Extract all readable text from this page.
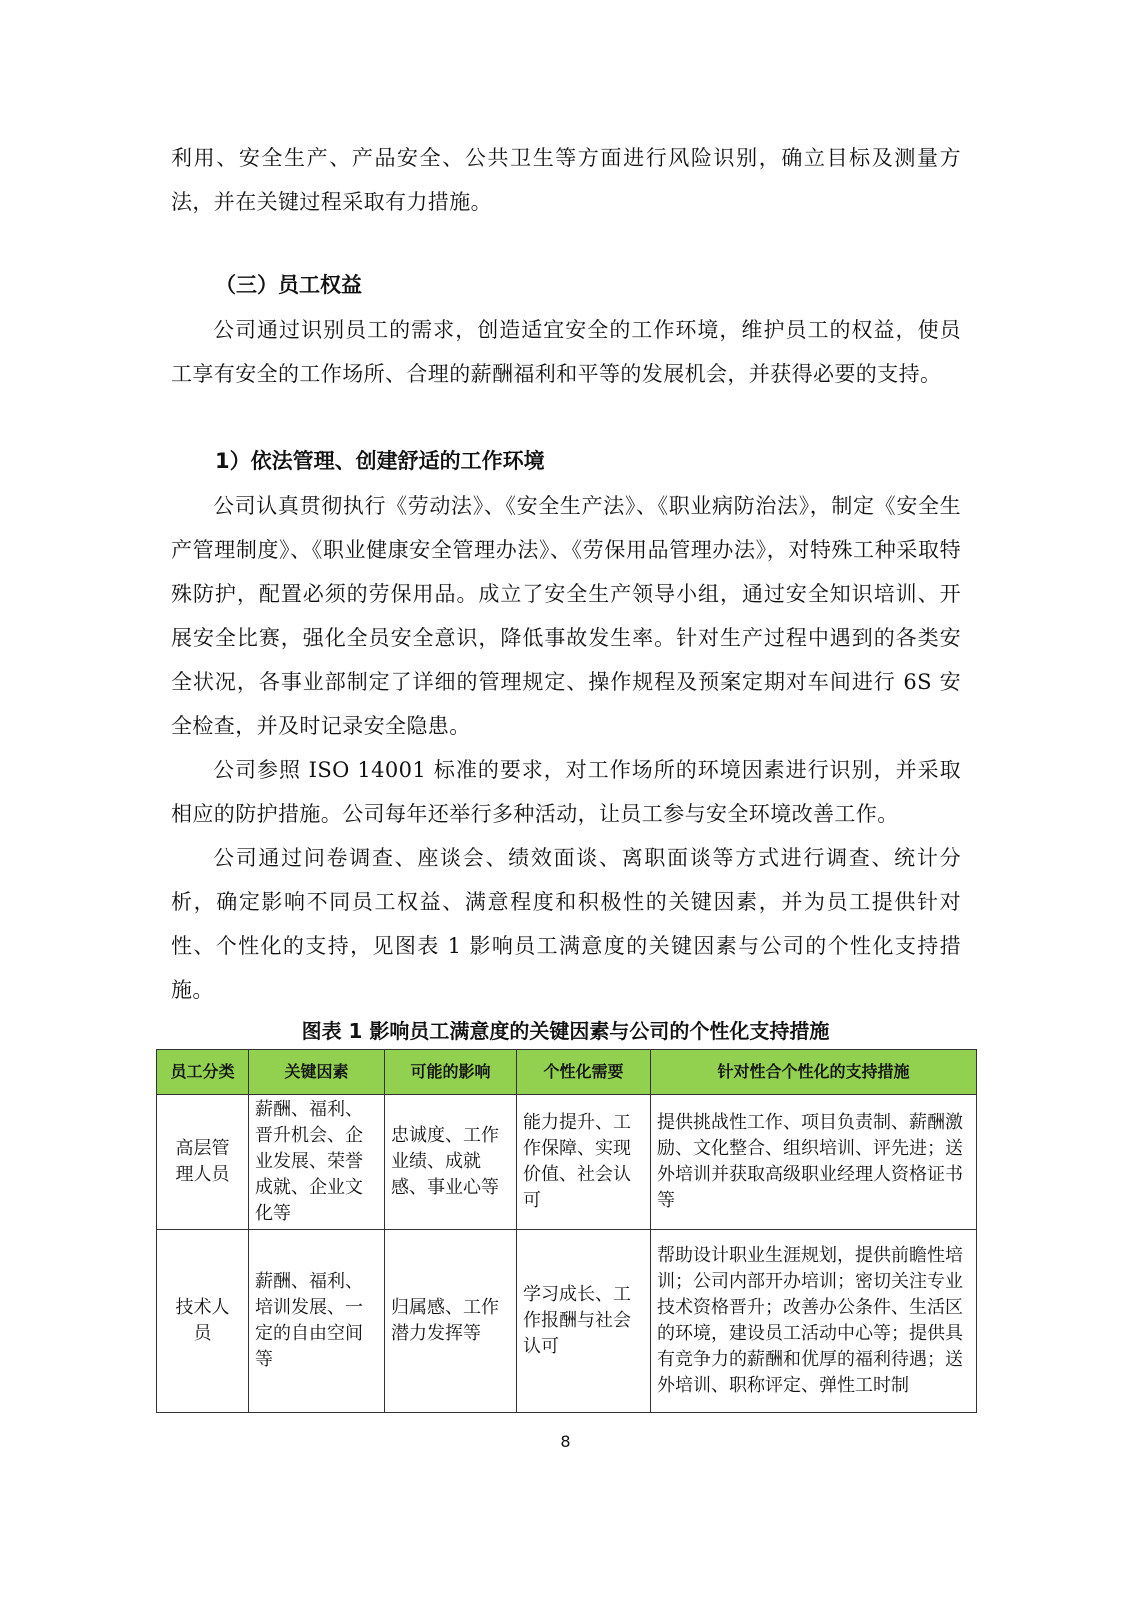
利用、安全生产、产品安全、公共卫生等方面进行风险识别，确立目标及测量方法，并在关键过程采取有力措施。

（三）员工权益

公司通过识别员工的需求，创造适宜安全的工作环境，维护员工的权益，使员工享有安全的工作场所、合理的薪酬福利和平等的发展机会，并获得必要的支持。

1）依法管理、创建舒适的工作环境

公司认真贯彻执行《劳动法》、《安全生产法》、《职业病防治法》，制定《安全生产管理制度》、《职业健康安全管理办法》、《劳保用品管理办法》，对特殊工种采取特殊防护，配置必须的劳保用品。成立了安全生产领导小组，通过安全知识培训、开展安全比赛，强化全员安全意识，降低事故发生率。针对生产过程中遇到的各类安全状况，各事业部制定了详细的管理规定、操作规程及预案定期对车间进行 6S 安全检查，并及时记录安全隐患。

公司参照 ISO 14001 标准的要求，对工作场所的环境因素进行识别，并采取相应的防护措施。公司每年还举行多种活动，让员工参与安全环境改善工作。

公司通过问卷调查、座谈会、绩效面谈、离职面谈等方式进行调查、统计分析，确定影响不同员工权益、满意程度和积极性的关键因素，并为员工提供针对性、个性化的支持，见图表 1 影响员工满意度的关键因素与公司的个性化支持措施。

图表 1 影响员工满意度的关键因素与公司的个性化支持措施
员工分类	关键因素	可能的影响	个性化需要	针对性合个性化的支持措施
高层管理人员	薪酬、福利、晋升机会、企业发展、荣誉成就、企业文化等	忠诚度、工作业绩、成就感、事业心等	能力提升、工作保障、实现价值、社会认可	提供挑战性工作、项目负责制、薪酬激励、文化整合、组织培训、评先进；送外培训并获取高级职业经理人资格证书等
技术人员	薪酬、福利、培训发展、一定的自由空间等	归属感、工作潜力发挥等	学习成长、工作报酬与社会认可	帮助设计职业生涯规划，提供前瞻性培训；公司内部开办培训；密切关注专业技术资格晋升；改善办公条件、生活区的环境，建设员工活动中心等；提供具有竞争力的薪酬和优厚的福利待遇；送外培训、职称评定、弹性工时制
8
